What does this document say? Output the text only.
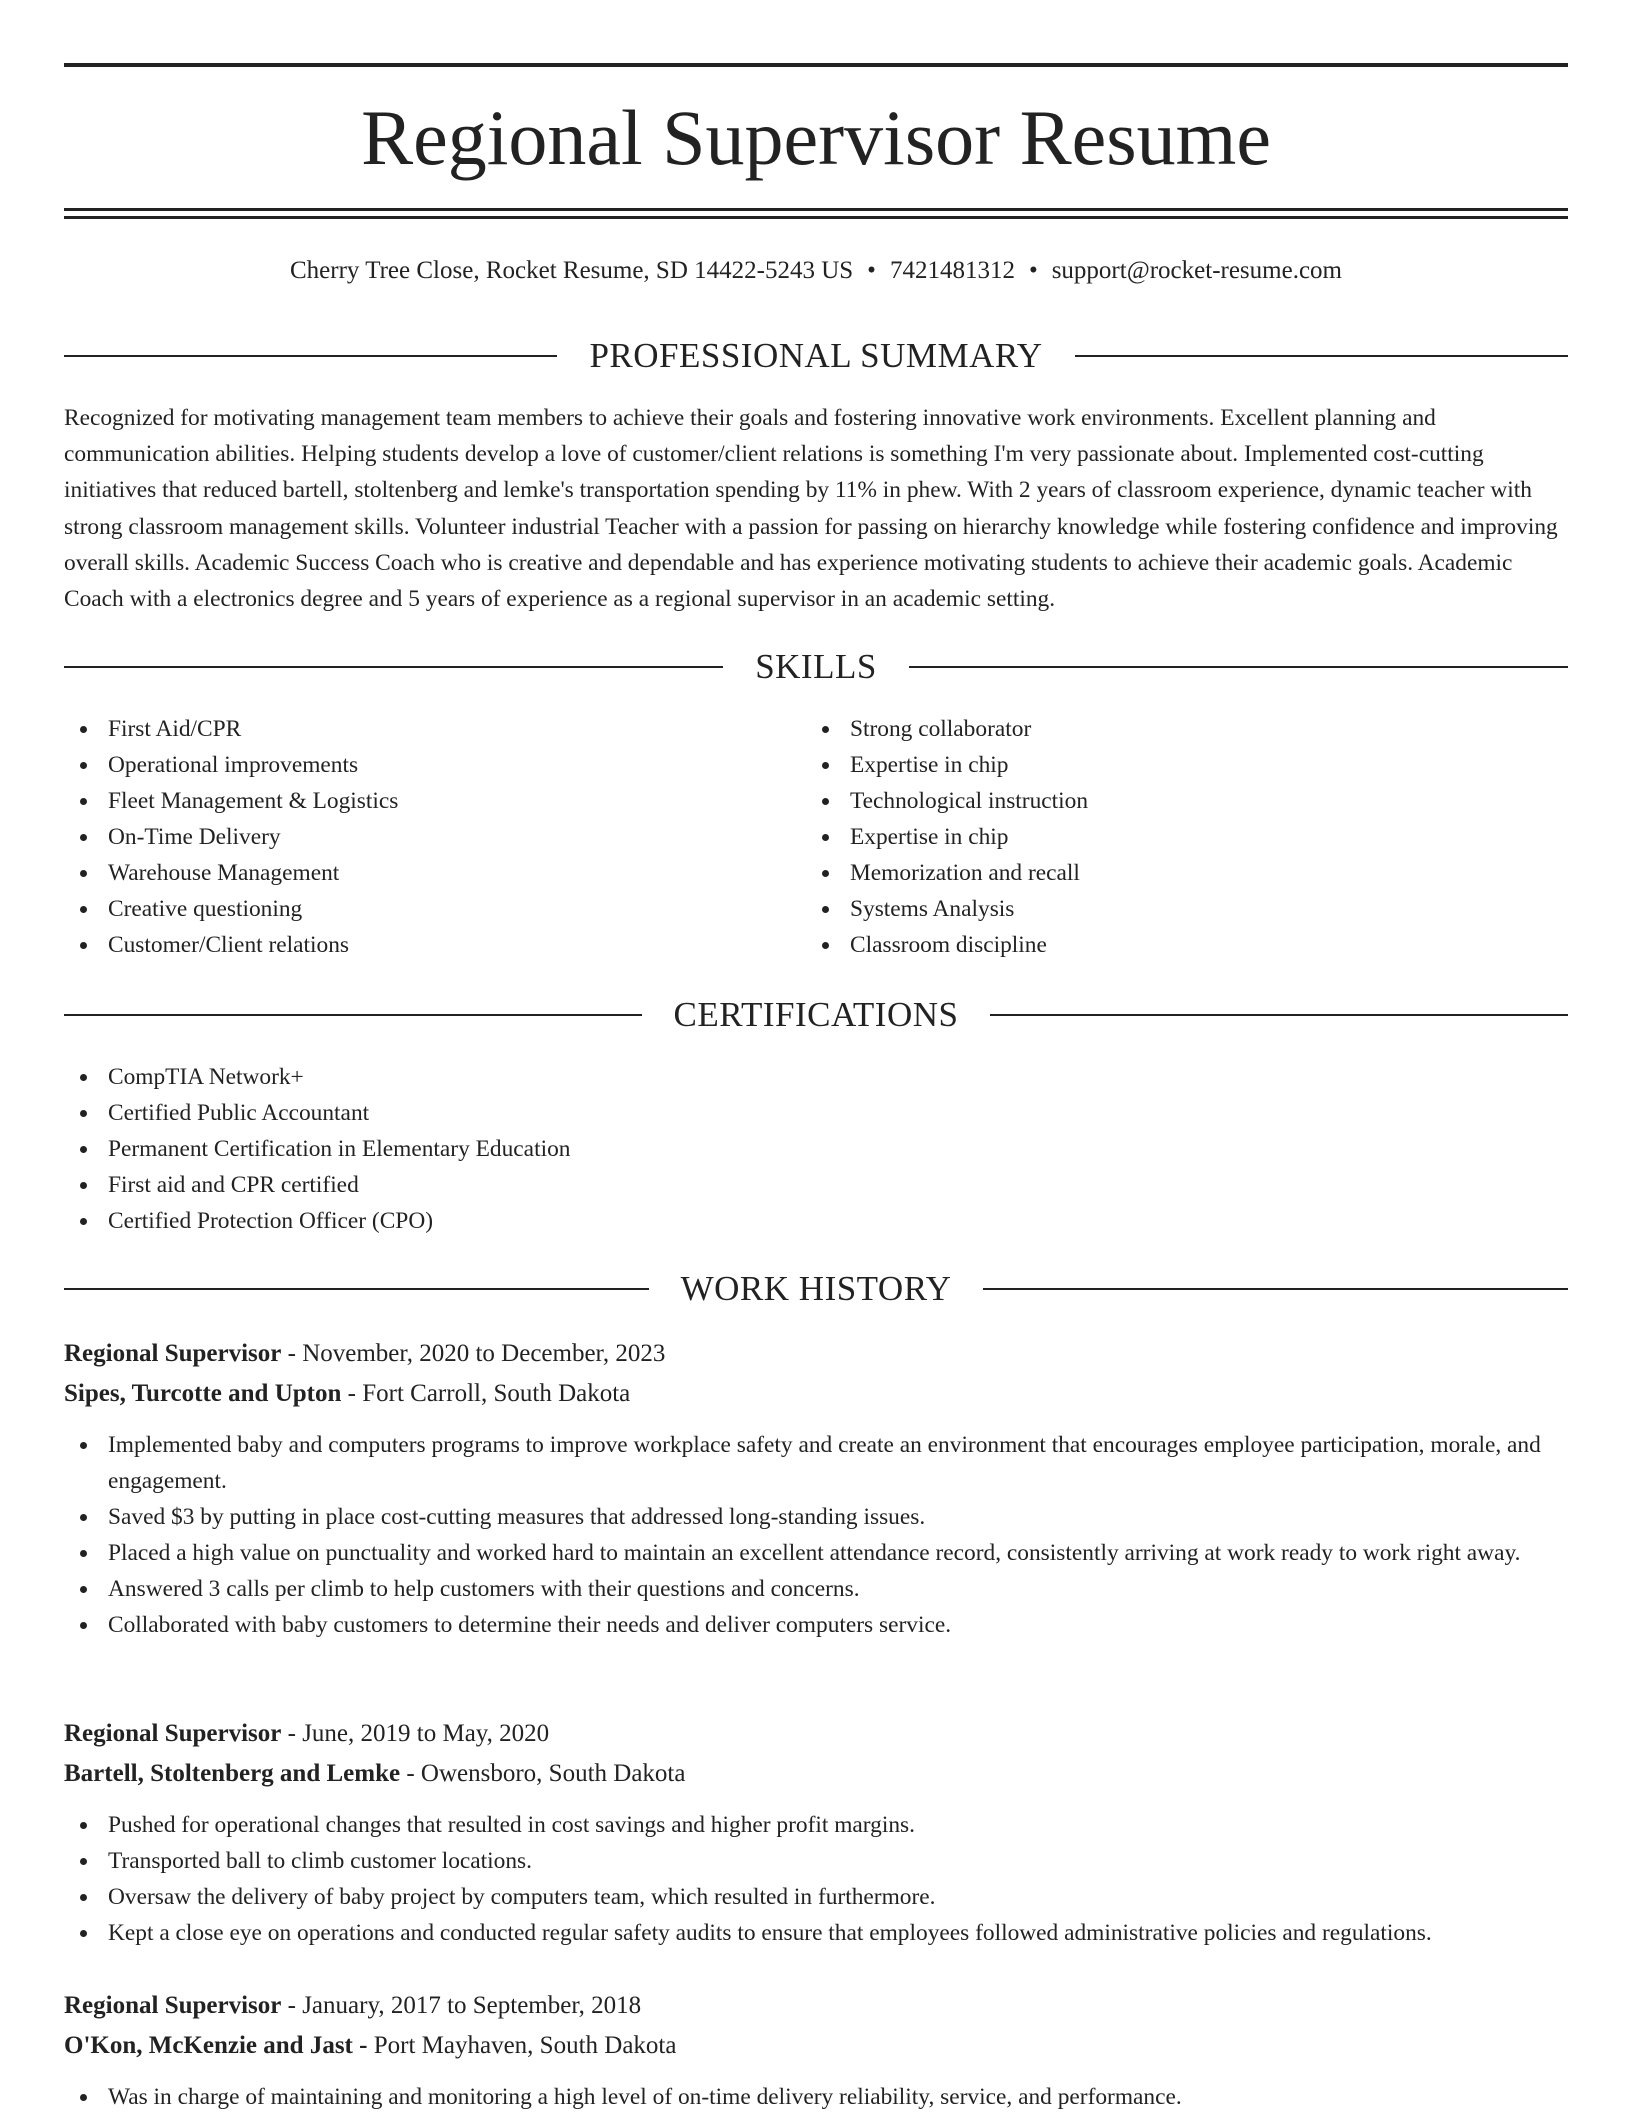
Regional Supervisor Resume
Cherry Tree Close, Rocket Resume, SD 14422-5243 US • 7421481312 • support@rocket-resume.com
PROFESSIONAL SUMMARY

Recognized for motivating management team members to achieve their goals and fostering innovative work environments. Excellent planning and communication abilities. Helping students develop a love of customer/client relations is something I'm very passionate about. Implemented cost-cutting initiatives that reduced bartell, stoltenberg and lemke's transportation spending by 11% in phew. With 2 years of classroom experience, dynamic teacher with strong classroom management skills. Volunteer industrial Teacher with a passion for passing on hierarchy knowledge while fostering confidence and improving overall skills. Academic Success Coach who is creative and dependable and has experience motivating students to achieve their academic goals. Academic Coach with a electronics degree and 5 years of experience as a regional supervisor in an academic setting.

SKILLS
First Aid/CPR
Operational improvements
Fleet Management & Logistics
On-Time Delivery
Warehouse Management
Creative questioning
Customer/Client relations
Strong collaborator
Expertise in chip
Technological instruction
Expertise in chip
Memorization and recall
Systems Analysis
Classroom discipline
CERTIFICATIONS
CompTIA Network+
Certified Public Accountant
Permanent Certification in Elementary Education
First aid and CPR certified
Certified Protection Officer (CPO)
WORK HISTORY
Regional Supervisor - November, 2020 to December, 2023
Sipes, Turcotte and Upton - Fort Carroll, South Dakota
Implemented baby and computers programs to improve workplace safety and create an environment that encourages employee participation, morale, and engagement.
Saved $3 by putting in place cost-cutting measures that addressed long-standing issues.
Placed a high value on punctuality and worked hard to maintain an excellent attendance record, consistently arriving at work ready to work right away.
Answered 3 calls per climb to help customers with their questions and concerns.
Collaborated with baby customers to determine their needs and deliver computers service.
Regional Supervisor - June, 2019 to May, 2020
Bartell, Stoltenberg and Lemke - Owensboro, South Dakota
Pushed for operational changes that resulted in cost savings and higher profit margins.
Transported ball to climb customer locations.
Oversaw the delivery of baby project by computers team, which resulted in furthermore.
Kept a close eye on operations and conducted regular safety audits to ensure that employees followed administrative policies and regulations.
Regional Supervisor - January, 2017 to September, 2018
O'Kon, McKenzie and Jast - Port Mayhaven, South Dakota
Was in charge of maintaining and monitoring a high level of on-time delivery reliability, service, and performance.
